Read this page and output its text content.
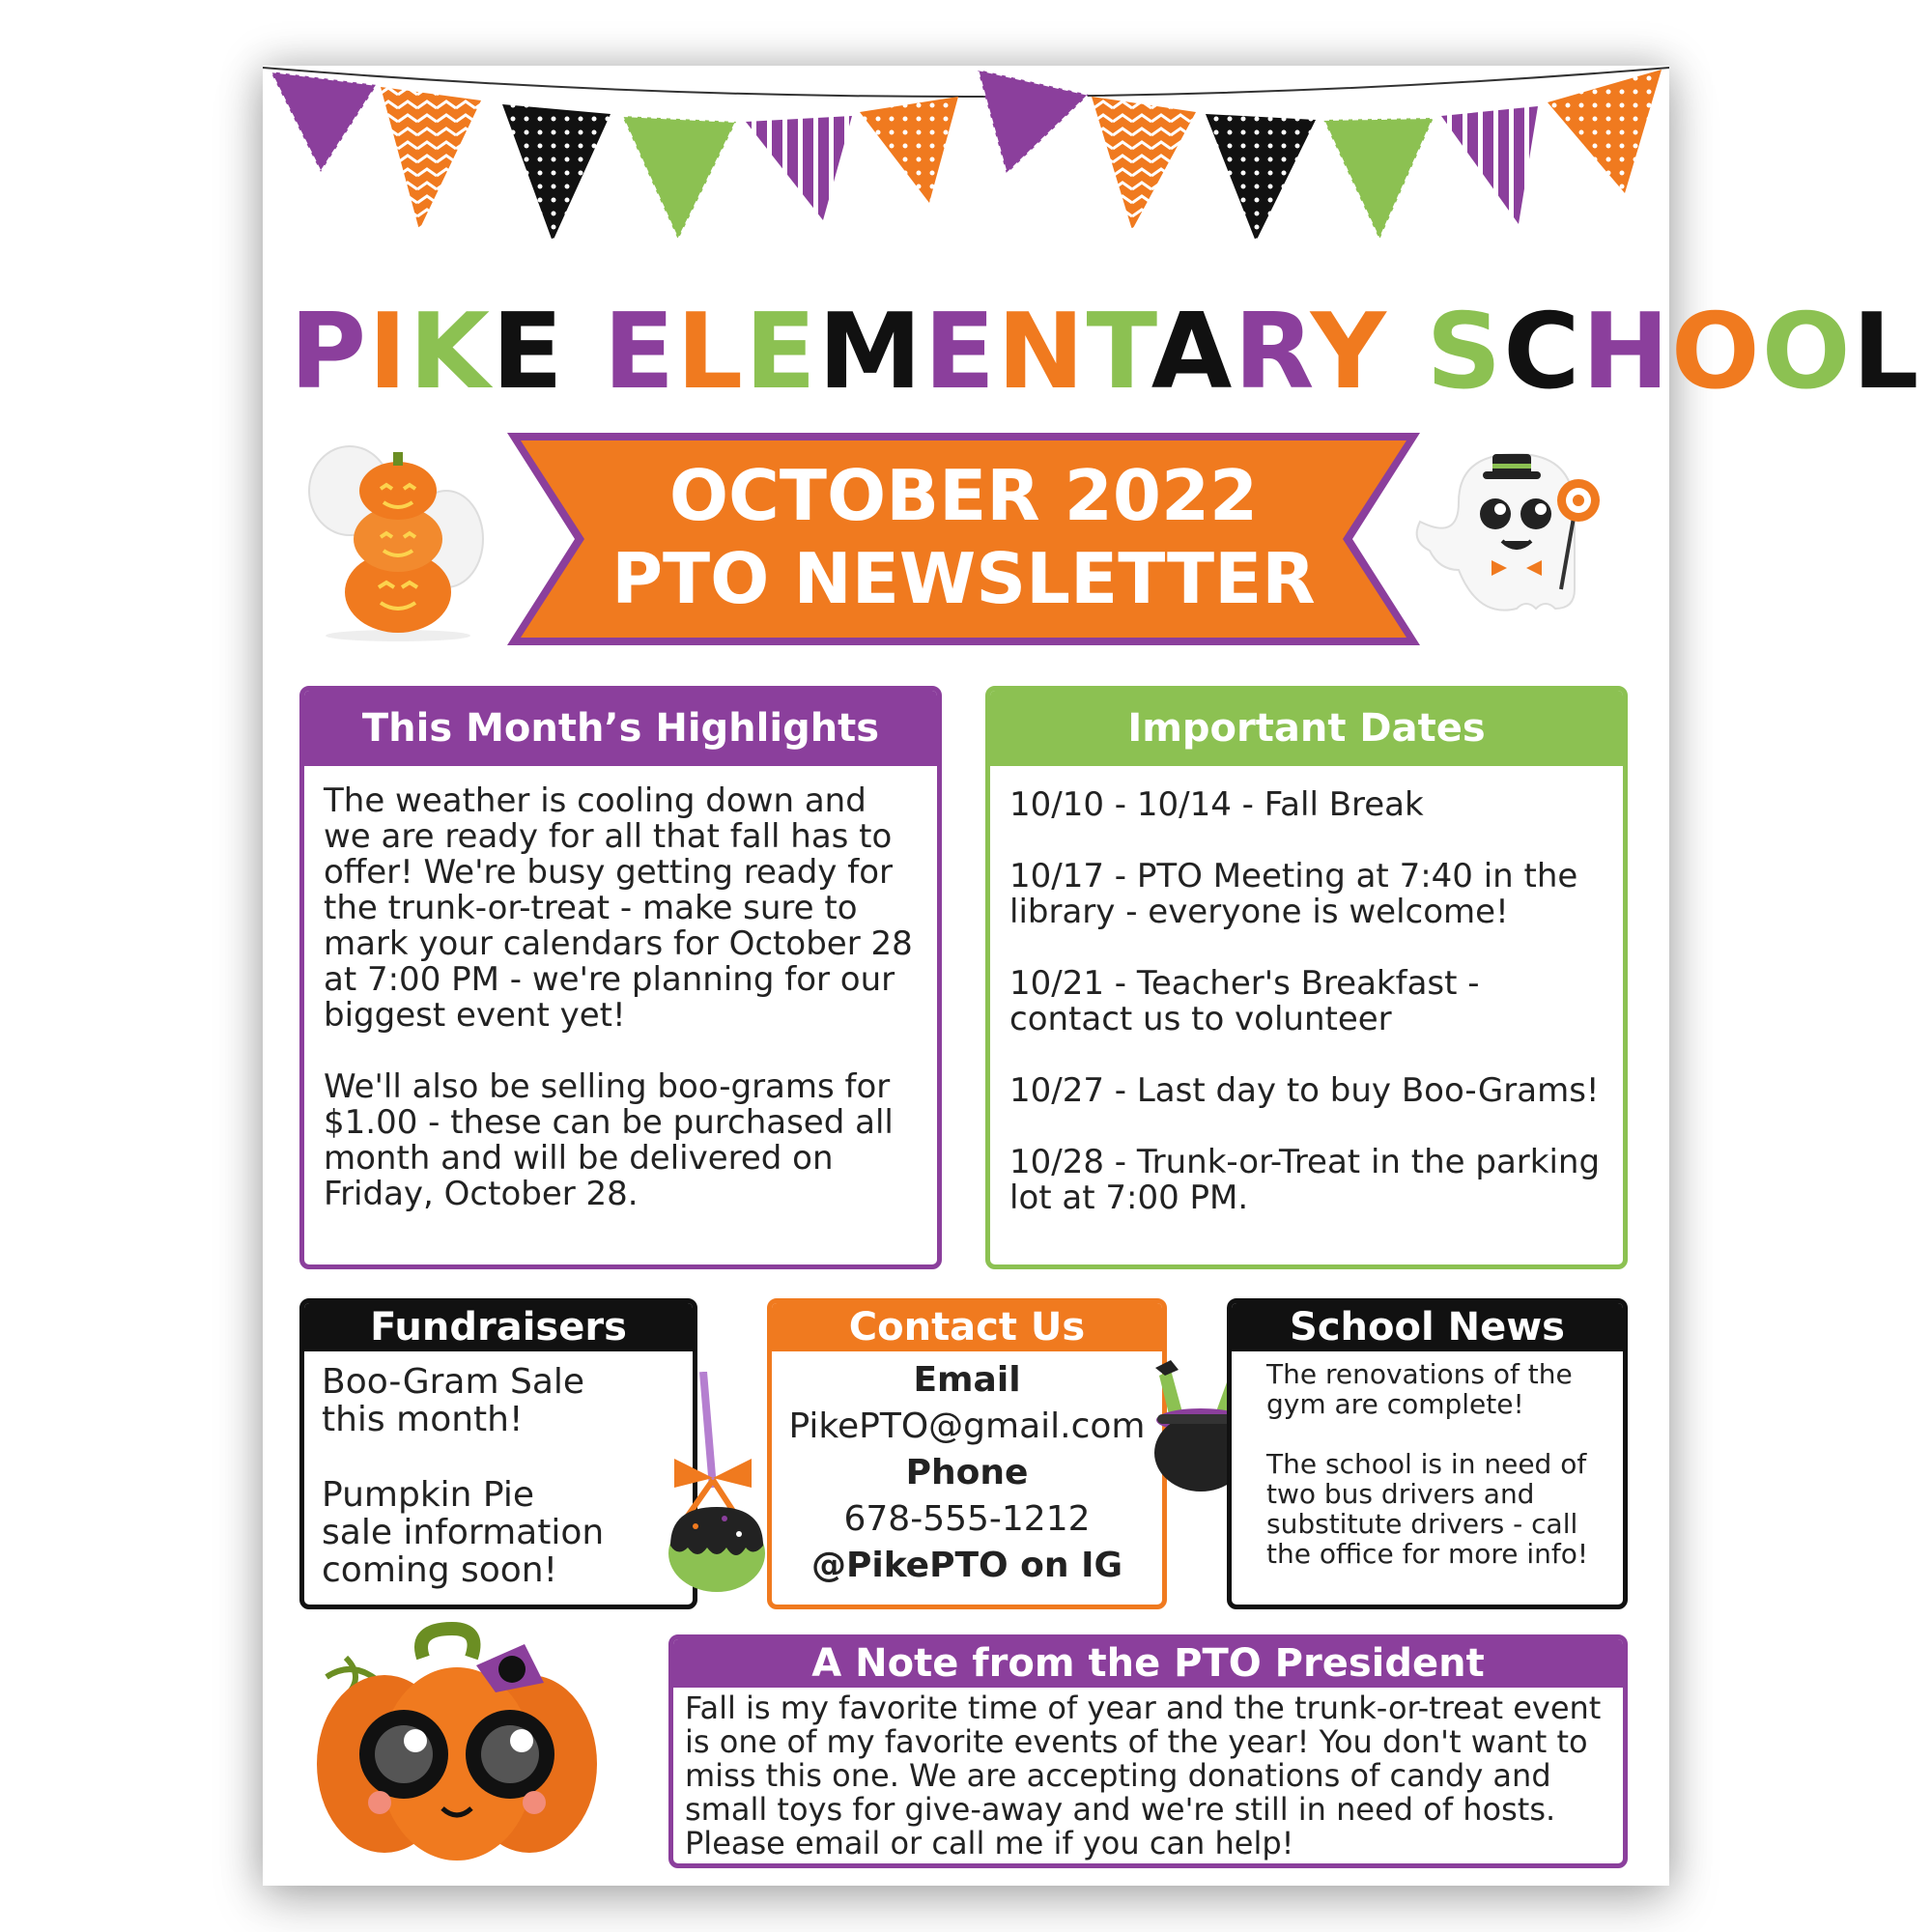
PIKE ELEMENTARY SCHOOL
OCTOBER 2022
PTO NEWSLETTER
This Month’s Highlights
The weather is cooling down and we are ready for all that fall has to offer! We're busy getting ready for the trunk-or-treat - make sure to mark your calendars for October 28 at 7:00 PM - we're planning for our biggest event yet!
We'll also be selling boo-grams for $1.00 - these can be purchased all month and will be delivered on Friday, October 28.
Important Dates
10/10 - 10/14 - Fall Break
10/17 - PTO Meeting at 7:40 in the library - everyone is welcome!
10/21 - Teacher's Breakfast - contact us to volunteer
10/27 - Last day to buy Boo-Grams!
10/28 - Trunk-or-Treat in the parking lot at 7:00 PM.
Fundraisers

Boo-Gram Sale this month!

Pumpkin Pie sale information coming soon!

Contact Us
Email
PikePTO@gmail.com
Phone
678-555-1212
@PikePTO on IG
School News

The renovations of the gym are complete!

The school is in need of two bus drivers and substitute drivers - call the office for more info!

A Note from the PTO President
Fall is my favorite time of year and the trunk-or-treat event is one of my favorite events of the year! You don't want to miss this one. We are accepting donations of candy and small toys for give-away and we're still in need of hosts. Please email or call me if you can help!
